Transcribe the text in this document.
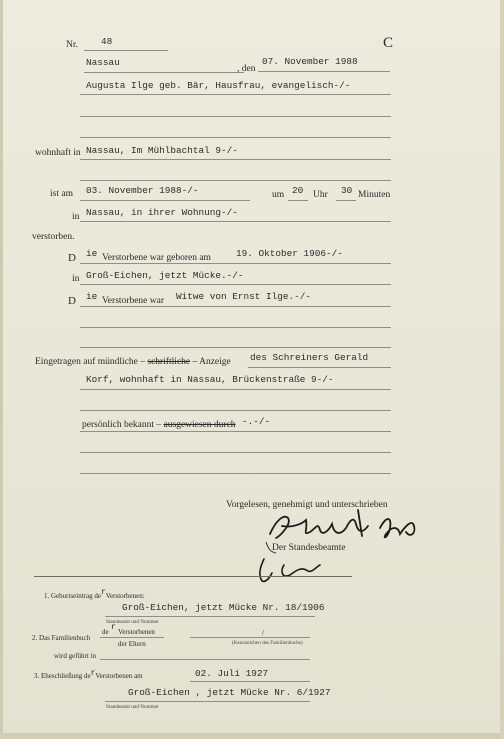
Nr. 48	C
Nassau
, den
07. November 1988
Augusta Ilge geb. Bär, Hausfrau, evangelisch-/-
wohnhaft in Nassau, Im Mühlbachtal 9-/-
ist am 03. November 1988-/-	um 20 Uhr 30 Minuten
in Nassau, in ihrer Wohnung-/-
verstorben.
D ie Verstorbene war geboren am	19. Oktober 1906-/-
in Groß-Eichen, jetzt Mücke.-/-
D ie Verstorbene war Witwe von Ernst Ilge.-/-
Eingetragen auf mündliche – schriftliche – Anzeige des Schreiners Gerald
Korf, wohnhaft in Nassau, Brückenstraße 9-/-
persönlich bekannt – ausgewiesen durch -.-/-
Vorgelesen, genehmigt und unterschrieben
Der Standesbeamte
1. Geburtseintrag derVerstorbenen:
Groß-Eichen, jetzt Mücke Nr. 18/1906
Standesamt und Nummer
de r Verstorbenen
2. Das Familienbuch
der Eltern
/
(Kennzeichen des Familienbuchs)
wird geführt in
3. Eheschließung derVerstorbenen am	02. Juli 1927
Groß-Eichen , jetzt Mücke Nr. 6/1927
Standesamt und Nummer
